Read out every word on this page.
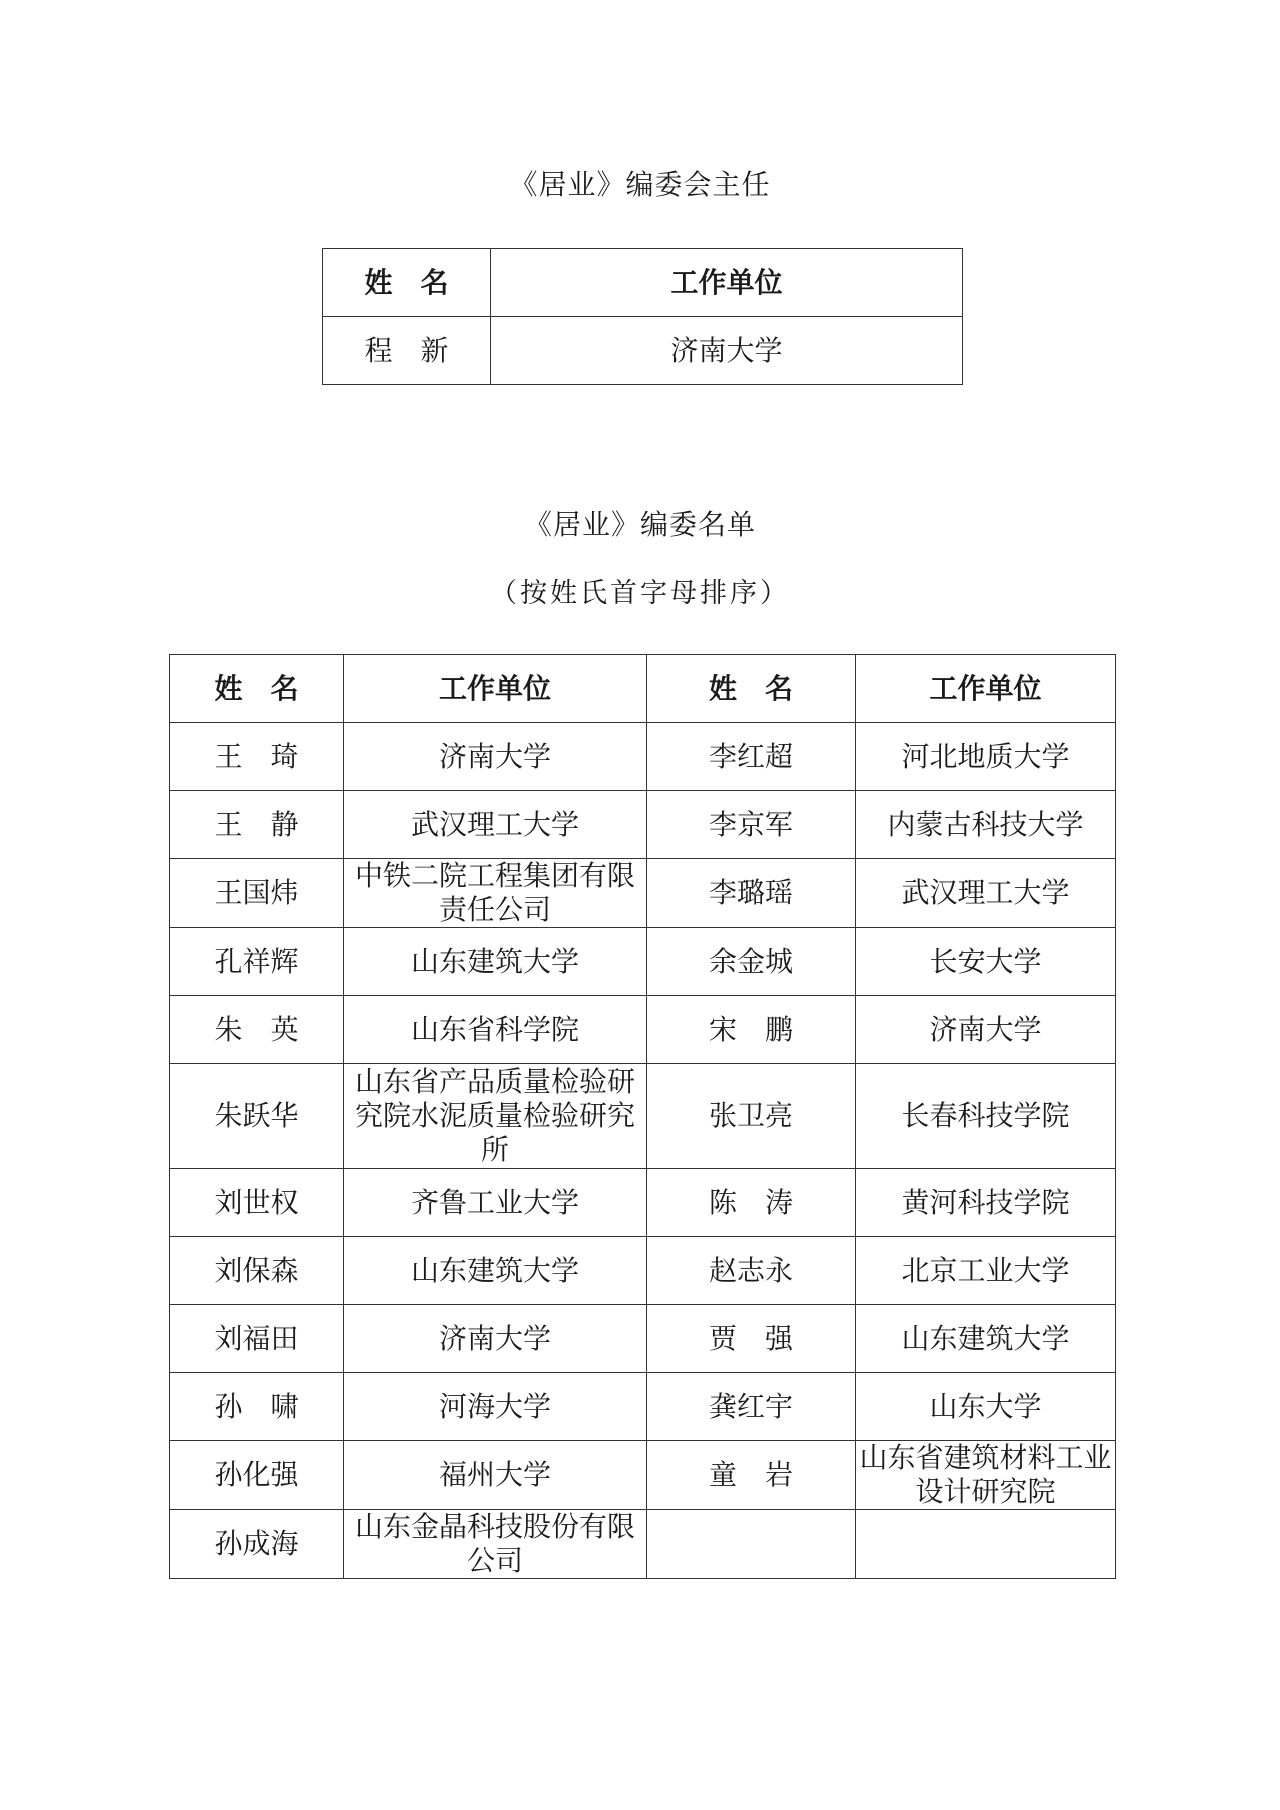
《居业》编委会主任
姓　名	工作单位
程　新	济南大学
《居业》编委名单
（按姓氏首字母排序）
姓　名	工作单位	姓　名	工作单位
王　琦	济南大学	李红超	河北地质大学
王　静	武汉理工大学	李京军	内蒙古科技大学
王国炜	中铁二院工程集团有限责任公司	李璐瑶	武汉理工大学
孔祥辉	山东建筑大学	余金城	长安大学
朱　英	山东省科学院	宋　鹏	济南大学
朱跃华	山东省产品质量检验研究院水泥质量检验研究所	张卫亮	长春科技学院
刘世权	齐鲁工业大学	陈　涛	黄河科技学院
刘保森	山东建筑大学	赵志永	北京工业大学
刘福田	济南大学	贾　强	山东建筑大学
孙　啸	河海大学	龚红宇	山东大学
孙化强	福州大学	童　岩	山东省建筑材料工业设计研究院
孙成海	山东金晶科技股份有限公司		
